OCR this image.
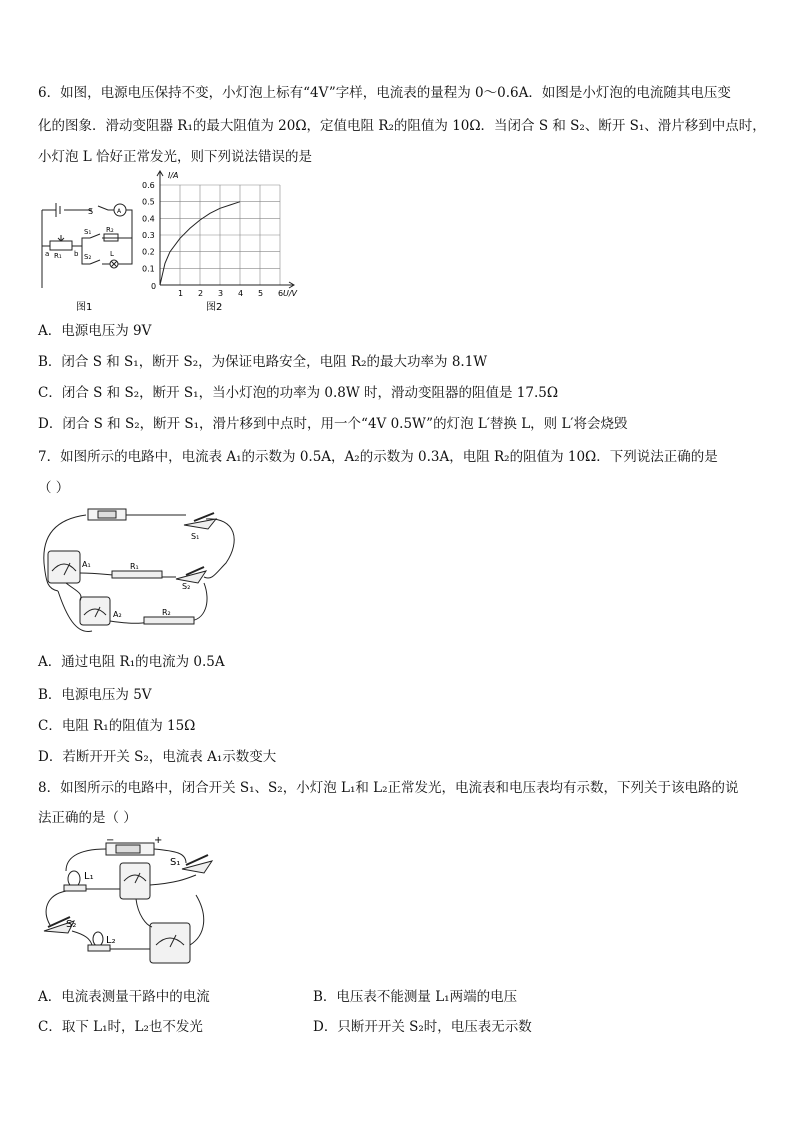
6．如图，电源电压保持不变，小灯泡上标有“4V”字样，电流表的量程为 0～0.6A．如图是小灯泡的电流随其电压变
化的图象．滑动变阻器 R₁的最大阻值为 20Ω，定值电阻 R₂的阻值为 10Ω．当闭合 S 和 S₂、断开 S₁、滑片移到中点时，
小灯泡 L 恰好正常发光，则下列说法错误的是
S	A
S₁ R₂
S₂	L
a R₁ b
图1
1 2 3 4 5 6
0.1
0.2
0.3
0.4
0.5
0.6
I/A
U/V
0
图2
A．电源电压为 9V
B．闭合 S 和 S₁，断开 S₂，为保证电路安全，电阻 R₂的最大功率为 8.1W
C．闭合 S 和 S₂，断开 S₁，当小灯泡的功率为 0.8W 时，滑动变阻器的阻值是 17.5Ω
D．闭合 S 和 S₂，断开 S₁，滑片移到中点时，用一个“4V 0.5W”的灯泡 L′替换 L，则 L′将会烧毁
7．如图所示的电路中，电流表 A₁的示数为 0.5A，A₂的示数为 0.3A，电阻 R₂的阻值为 10Ω．下列说法正确的是
（ ）
S₁
A₁	R₁
S₂
A₂	R₂
A．通过电阻 R₁的电流为 0.5A
B．电源电压为 5V
C．电阻 R₁的阻值为 15Ω
D．若断开开关 S₂，电流表 A₁示数变大
8．如图所示的电路中，闭合开关 S₁、S₂，小灯泡 L₁和 L₂正常发光，电流表和电压表均有示数，下列关于该电路的说
法正确的是（ ）
−	+
S₁
L₁
S₂
L₂
A．电流表测量干路中的电流	B．电压表不能测量 L₁两端的电压
C．取下 L₁时，L₂也不发光	D．只断开开关 S₂时，电压表无示数
